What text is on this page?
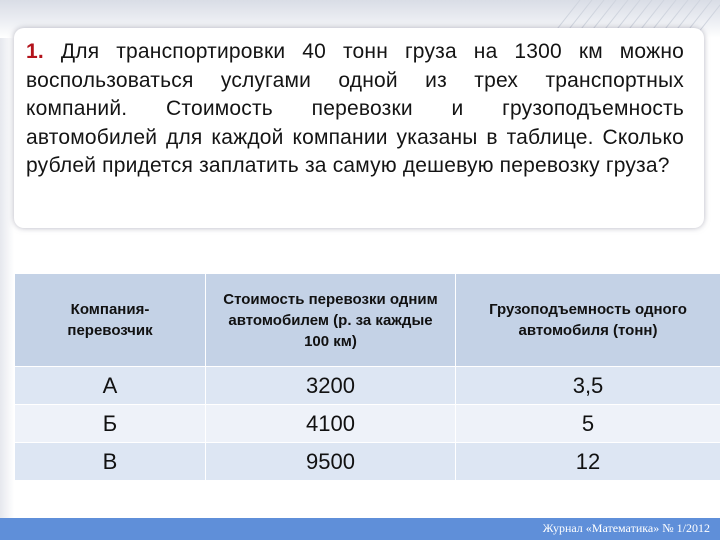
1. Для транспортировки 40 тонн груза на 1300 км можно воспользоваться услугами одной из трех транспортных компаний. Стоимость перевозки и грузоподъемность автомобилей для каждой компании указаны в таблице. Сколько рублей придется заплатить за самую дешевую перевозку груза?
Компания-перевозчик	Стоимость перевозки одним автомобилем (р. за каждые 100 км)	Грузоподъемность одного автомобиля (тонн)
А	3200	3,5
Б	4100	5
В	9500	12
Журнал «Математика» № 1/2012
